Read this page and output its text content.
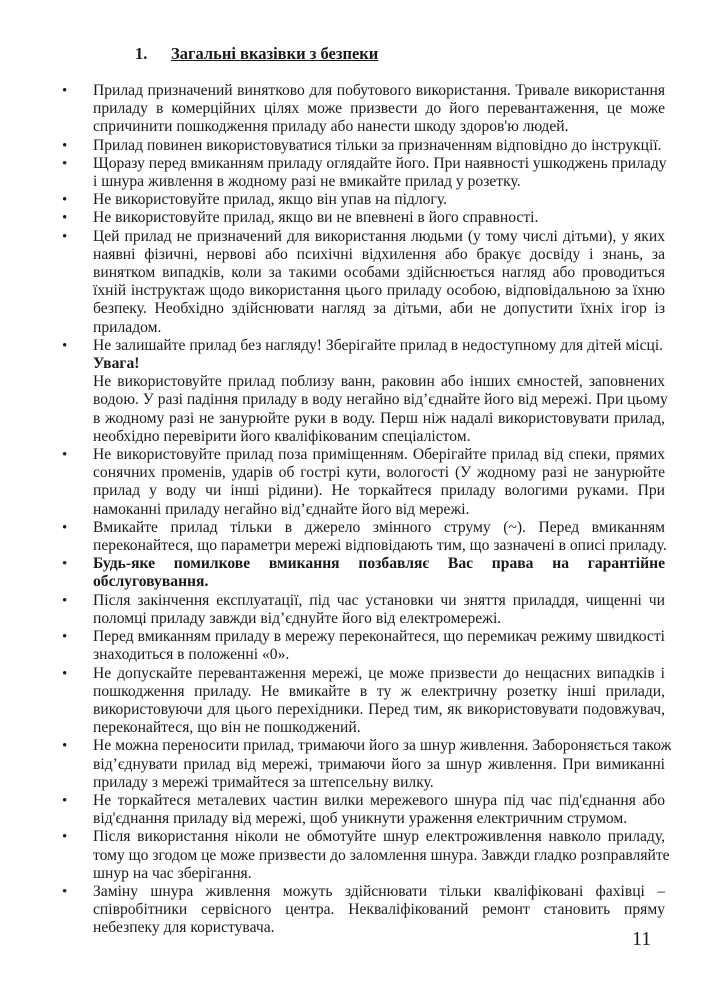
1. Загальні вказівки з безпеки
• Прилад призначений винятково для побутового використання. Тривале використання
приладу в комерційних цілях може призвести до його перевантаження, це може
спричинити пошкодження приладу або нанести шкоду здоров'ю людей.
• Прилад повинен використовуватися тільки за призначенням відповідно до інструкції.
• Щоразу перед вмиканням приладу оглядайте його. При наявності ушкоджень приладу
і шнура живлення в жодному разі не вмикайте прилад у розетку.
• Не використовуйте прилад, якщо він упав на підлогу.
• Не використовуйте прилад, якщо ви не впевнені в його справності.
• Цей прилад не призначений для використання людьми (у тому числі дітьми), у яких
наявні фізичні, нервові або психічні відхилення або бракує досвіду і знань, за
винятком випадків, коли за такими особами здійснюється нагляд або проводиться
їхній інструктаж щодо використання цього приладу особою, відповідальною за їхню
безпеку. Необхідно здійснювати нагляд за дітьми, аби не допустити їхніх ігор із
приладом.
• Не залишайте прилад без нагляду! Зберігайте прилад в недоступному для дітей місці.
Увага!
Не використовуйте прилад поблизу ванн, раковин або інших ємностей, заповнених
водою. У разі падіння приладу в воду негайно від’єднайте його від мережі. При цьому
в жодному разі не занурюйте руки в воду. Перш ніж надалі використовувати прилад,
необхідно перевірити його кваліфікованим спеціалістом.
• Не використовуйте прилад поза приміщенням. Оберігайте прилад від спеки, прямих
сонячних променів, ударів об гострі кути, вологості (У жодному разі не занурюйте
прилад у воду чи інші рідини). Не торкайтеся приладу вологими руками. При
намоканні приладу негайно від’єднайте його від мережі.
• Вмикайте прилад тільки в джерело змінного струму (~). Перед вмиканням
переконайтеся, що параметри мережі відповідають тим, що зазначені в описі приладу.
• Будь-яке помилкове вмикання позбавляє Вас права на гарантійне
обслуговування.
• Після закінчення експлуатації, під час установки чи зняття приладдя, чищенні чи
поломці приладу завжди від’єднуйте його від електромережі.
• Перед вмиканням приладу в мережу переконайтеся, що перемикач режиму швидкості
знаходиться в положенні «0».
• Не допускайте перевантаження мережі, це може призвести до нещасних випадків і
пошкодження приладу. Не вмикайте в ту ж електричну розетку інші прилади,
використовуючи для цього перехідники. Перед тим, як використовувати подовжувач,
переконайтеся, що він не пошкоджений.
• Не можна переносити прилад, тримаючи його за шнур живлення. Забороняється також
від’єднувати прилад від мережі, тримаючи його за шнур живлення. При вимиканні
приладу з мережі тримайтеся за штепсельну вилку.
• Не торкайтеся металевих частин вилки мережевого шнура під час під'єднання або
від'єднання приладу від мережі, щоб уникнути ураження електричним струмом.
• Після використання ніколи не обмотуйте шнур електроживлення навколо приладу,
тому що згодом це може призвести до заломлення шнура. Завжди гладко розправляйте
шнур на час зберігання.
• Заміну шнура живлення можуть здійснювати тільки кваліфіковані фахівці –
співробітники сервісного центра. Некваліфікований ремонт становить пряму
небезпеку для користувача.
11
